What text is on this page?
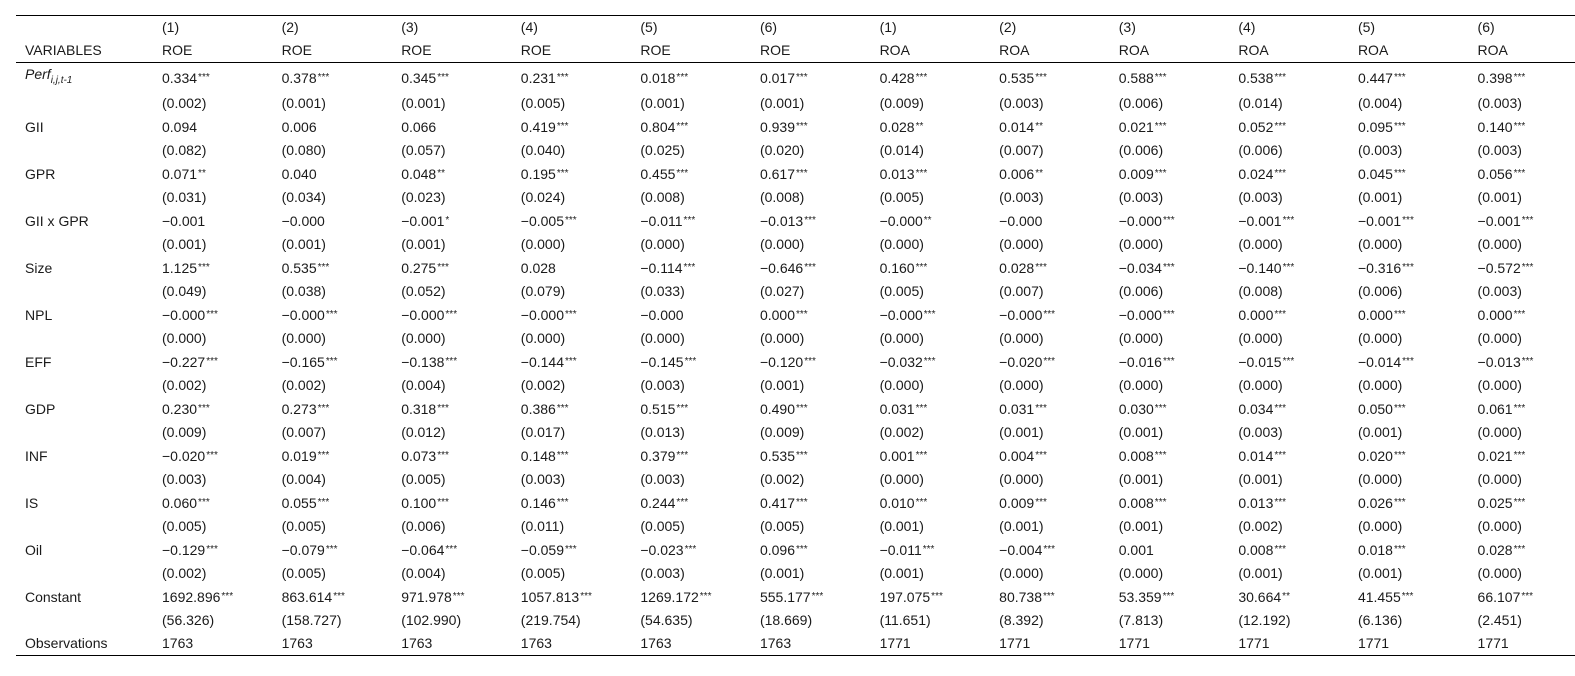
	(1)	(2)	(3)	(4)	(5)	(6)	(1)	(2)	(3)	(4)	(5)	(6)
VARIABLES	ROE	ROE	ROE	ROE	ROE	ROE	ROA	ROA	ROA	ROA	ROA	ROA
Perf$_{i,j,t-1}$	0.334***	0.378***	0.345***	0.231***	0.018***	0.017***	0.428***	0.535***	0.588***	0.538***	0.447***	0.398***
	(0.002)	(0.001)	(0.001)	(0.005)	(0.001)	(0.001)	(0.009)	(0.003)	(0.006)	(0.014)	(0.004)	(0.003)
GII	0.094	0.006	0.066	0.419***	0.804***	0.939***	0.028**	0.014**	0.021***	0.052***	0.095***	0.140***
	(0.082)	(0.080)	(0.057)	(0.040)	(0.025)	(0.020)	(0.014)	(0.007)	(0.006)	(0.006)	(0.003)	(0.003)
GPR	0.071**	0.040	0.048**	0.195***	0.455***	0.617***	0.013***	0.006**	0.009***	0.024***	0.045***	0.056***
	(0.031)	(0.034)	(0.023)	(0.024)	(0.008)	(0.008)	(0.005)	(0.003)	(0.003)	(0.003)	(0.001)	(0.001)
GII x GPR	−0.001	−0.000	−0.001*	−0.005***	−0.011***	−0.013***	−0.000**	−0.000	−0.000***	−0.001***	−0.001***	−0.001***
	(0.001)	(0.001)	(0.001)	(0.000)	(0.000)	(0.000)	(0.000)	(0.000)	(0.000)	(0.000)	(0.000)	(0.000)
Size	1.125***	0.535***	0.275***	0.028	−0.114***	−0.646***	0.160***	0.028***	−0.034***	−0.140***	−0.316***	−0.572***
	(0.049)	(0.038)	(0.052)	(0.079)	(0.033)	(0.027)	(0.005)	(0.007)	(0.006)	(0.008)	(0.006)	(0.003)
NPL	−0.000***	−0.000***	−0.000***	−0.000***	−0.000	0.000***	−0.000***	−0.000***	−0.000***	0.000***	0.000***	0.000***
	(0.000)	(0.000)	(0.000)	(0.000)	(0.000)	(0.000)	(0.000)	(0.000)	(0.000)	(0.000)	(0.000)	(0.000)
EFF	−0.227***	−0.165***	−0.138***	−0.144***	−0.145***	−0.120***	−0.032***	−0.020***	−0.016***	−0.015***	−0.014***	−0.013***
	(0.002)	(0.002)	(0.004)	(0.002)	(0.003)	(0.001)	(0.000)	(0.000)	(0.000)	(0.000)	(0.000)	(0.000)
GDP	0.230***	0.273***	0.318***	0.386***	0.515***	0.490***	0.031***	0.031***	0.030***	0.034***	0.050***	0.061***
	(0.009)	(0.007)	(0.012)	(0.017)	(0.013)	(0.009)	(0.002)	(0.001)	(0.001)	(0.003)	(0.001)	(0.000)
INF	−0.020***	0.019***	0.073***	0.148***	0.379***	0.535***	0.001***	0.004***	0.008***	0.014***	0.020***	0.021***
	(0.003)	(0.004)	(0.005)	(0.003)	(0.003)	(0.002)	(0.000)	(0.000)	(0.001)	(0.001)	(0.000)	(0.000)
IS	0.060***	0.055***	0.100***	0.146***	0.244***	0.417***	0.010***	0.009***	0.008***	0.013***	0.026***	0.025***
	(0.005)	(0.005)	(0.006)	(0.011)	(0.005)	(0.005)	(0.001)	(0.001)	(0.001)	(0.002)	(0.000)	(0.000)
Oil	−0.129***	−0.079***	−0.064***	−0.059***	−0.023***	0.096***	−0.011***	−0.004***	0.001	0.008***	0.018***	0.028***
	(0.002)	(0.005)	(0.004)	(0.005)	(0.003)	(0.001)	(0.001)	(0.000)	(0.000)	(0.001)	(0.001)	(0.000)
Constant	1692.896***	863.614***	971.978***	1057.813***	1269.172***	555.177***	197.075***	80.738***	53.359***	30.664**	41.455***	66.107***
	(56.326)	(158.727)	(102.990)	(219.754)	(54.635)	(18.669)	(11.651)	(8.392)	(7.813)	(12.192)	(6.136)	(2.451)
Observations	1763	1763	1763	1763	1763	1763	1771	1771	1771	1771	1771	1771
